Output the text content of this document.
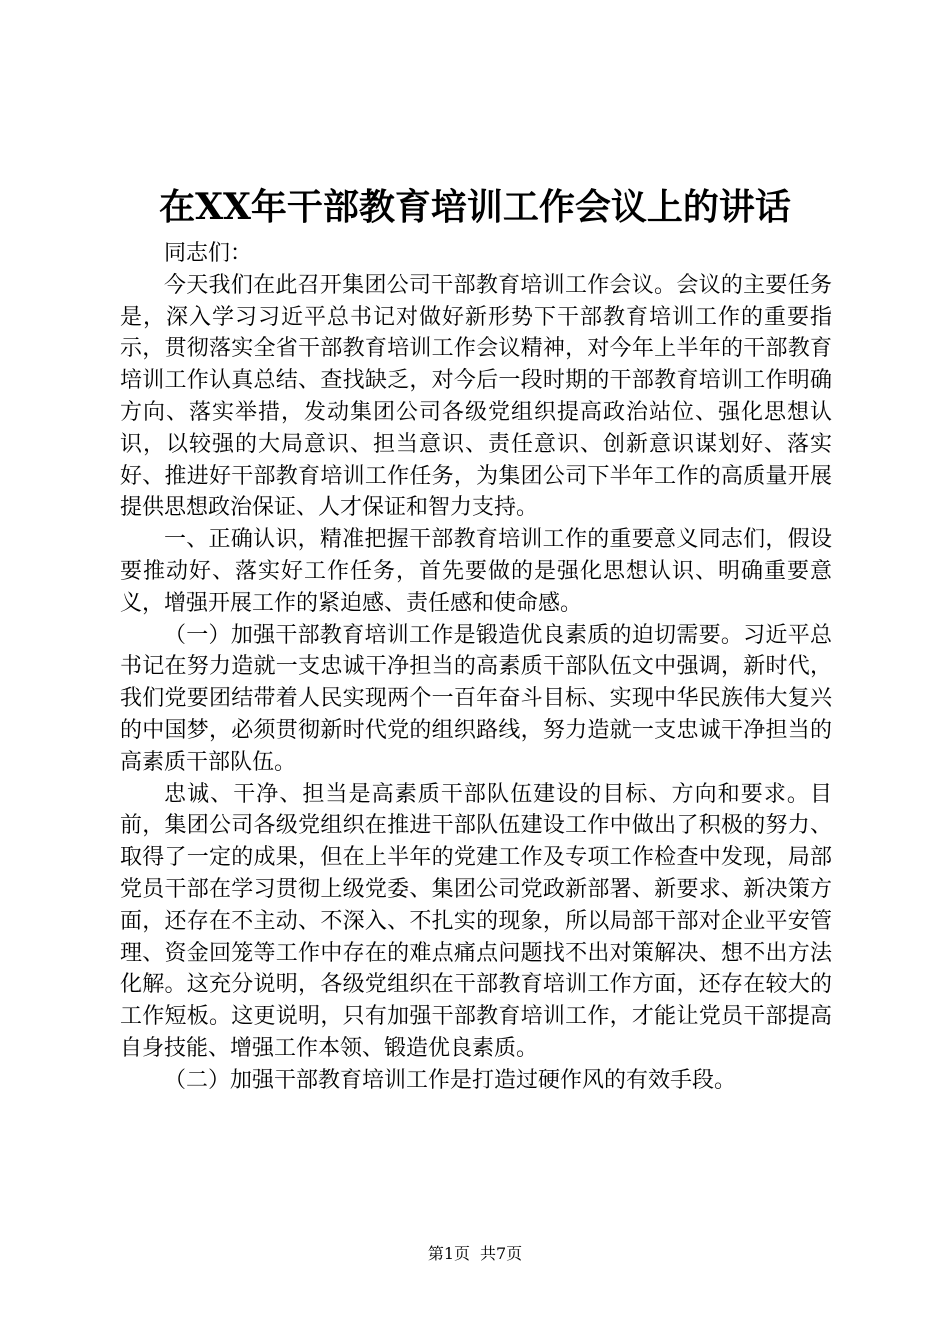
在XX年干部教育培训工作会议上的讲话

同志们：

今天我们在此召开集团公司干部教育培训工作会议。会议的主要任务是，深入学习习近平总书记对做好新形势下干部教育培训工作的重要指示，贯彻落实全省干部教育培训工作会议精神，对今年上半年的干部教育培训工作认真总结、查找缺乏，对今后一段时期的干部教育培训工作明确方向、落实举措，发动集团公司各级党组织提高政治站位、强化思想认识，以较强的大局意识、担当意识、责任意识、创新意识谋划好、落实好、推进好干部教育培训工作任务，为集团公司下半年工作的高质量开展提供思想政治保证、人才保证和智力支持。

一、正确认识，精准把握干部教育培训工作的重要意义同志们，假设要推动好、落实好工作任务，首先要做的是强化思想认识、明确重要意义，增强开展工作的紧迫感、责任感和使命感。

（一）加强干部教育培训工作是锻造优良素质的迫切需要。习近平总书记在努力造就一支忠诚干净担当的高素质干部队伍文中强调，新时代，我们党要团结带着人民实现两个一百年奋斗目标、实现中华民族伟大复兴的中国梦，必须贯彻新时代党的组织路线，努力造就一支忠诚干净担当的高素质干部队伍。

忠诚、干净、担当是高素质干部队伍建设的目标、方向和要求。目前，集团公司各级党组织在推进干部队伍建设工作中做出了积极的努力、取得了一定的成果，但在上半年的党建工作及专项工作检查中发现，局部党员干部在学习贯彻上级党委、集团公司党政新部署、新要求、新决策方面，还存在不主动、不深入、不扎实的现象，所以局部干部对企业平安管理、资金回笼等工作中存在的难点痛点问题找不出对策解决、想不出方法化解。这充分说明，各级党组织在干部教育培训工作方面，还存在较大的工作短板。这更说明，只有加强干部教育培训工作，才能让党员干部提高自身技能、增强工作本领、锻造优良素质。

（二）加强干部教育培训工作是打造过硬作风的有效手段。

第1页 共7页
